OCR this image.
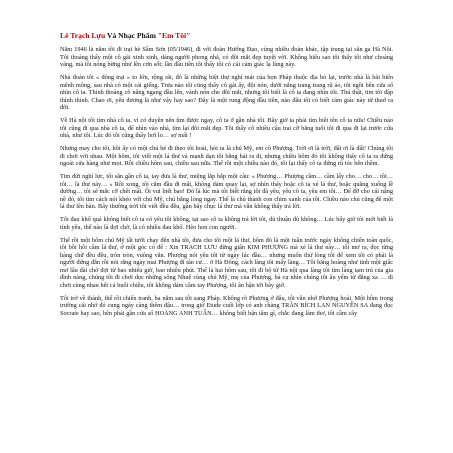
Lê Trạch Lựu Và Nhạc Phẩm "Em Tôi"

Năm 1946 là năm tôi đi trại hè Sầm Sơn (05/1946), đi với đoàn Hướng Đạo, cùng nhiều đoàn khác, tập trung tại sân ga Hà Nội. Tôi thoáng thấy một cô gái xinh xinh, dáng người phong nhã, có đôi mắt đẹp tuyệt vời. Không hiểu sao tôi thấy tôi như choáng váng, mà tôi nóng bừng như lên cơn sốt; lần đầu tiên tôi thấy tôi có cái cảm giác lạ lùng này.

Nhà đoàn tôi « đóng trại » to lớn, rộng rãi, đó là những biệt thự nghỉ mát của bọn Pháp thuộc địa bỏ lại, trước nhà là bãi biển mênh mông, sau nhà có một cái giếng. Trưa nào tôi cũng thấy cô gái ấy, đội nón, dưới nắng trang trang rũ áo, tôi ngồi bên cửa sổ nhìn cô ta. Thỉnh thoảng cô nâng ngang đầu lên, vành nón che đôi mắt, nhưng tôi biết là cô ta đang nhìn tôi. Thú thật, tim tôi đập thình thình. Chao ơi, yêu đương là như vậy hay sao? Đây là một rung động đầu tiên, nào đâu tôi có biết cảm giác này từ thuở ra đời.

Về Hà nội tôi tìm nhà cô ta, vì có duyên nên tìm được ngay, cô ta ở gần nhà tôi. Bây giờ ta phải tìm biết tên cô ta nữa! Chiều nào tôi cũng đi qua nhà cô ta, để nhìn vào nhà, tìm lại đôi mắt đẹp. Tôi thấy cô nhiều cậu trai cỡ bằng tuổi tôi đi qua đi lại trước cửa nhà, như tôi. Lúc đó tôi cũng thấy hơi lo… sợ mất !

Nhưng may cho tôi, hồi ấy có một chú bé đi theo tôi hoài, hỏi ra là chú Mỹ, em cô Phượng. Trời ơi là trời, đất ơi là đất! Chúng tôi đi chơi với nhau. Một hôm, tôi viết một lá thư và mạnh dạn tôi bằng hải ra đi, nhưng chiều hôm đó tôi không thấy cô ta ra đứng ngoài cửa hàng như mọi. Rồi chiều hôm sau, chiều sau nữa. Thế rồi một chiều nào đó, tôi lại thấy cô ta đứng rũ tóc bên thềm.

Tim đứt nghỉ lực, tôi săn gần cô ta, tay đưa lá thư, miệng lắp bắp một câu: « Phượng… Phượng cầm… cầm lấy cho… cho… tôi… tôi… là thư này… » Rồi xong, tôi cắm đầu đi mất, không dám quay lại, sợ nhìn thấy hoặc cô ta xé lá thư, hoặc quăng xuống lề đường… tôi sẽ mắc cỡ chết mất. Ôi vui biết bao! Đó là lúc mà tôi biết rằng tôi đã yêu, yêu cô ta, yêu em tôi… Để đỡ cho cái nặng nề đó, tôi tìm cách nói khéo với chú Mỹ, chú bằng lòng ngay. Thế là chú thành con chim xanh của tôi. Chiều nào chú cũng để một lá thư lên bàn. Bây thường trời tôi viết đều đều, gần bây chục lá thư mà vẫn không thấy trả lời.

Tôi đau khổ quá không biết cô ta có yêu tôi không, tại sao cô ta không trả lời tôi, dù thuận dù không… Lúc bấy giờ tôi mới biết là tình yêu, thế nào là đợi chờ, là có nhiều đau khổ. Hèo hon con người.

Thế rồi một hôm chú Mỹ tất tưởi chạy đến nhà tôi, đưa cho tôi một lá thư, hôm đó là một tuần trước ngày không chiến toàn quốc, tôi bồi hồi cầm lá thư, ở một góc có để : Xin TRẠCH LƯU đừng giận KIM PHƯỢNG mà xé lá thư này… tôi mơ ra, đọc từng hàng chữ đều đều, tròn tròn, vuông vắn. Phượng nói yêu tôi từ ngày lúc đầu… nhưng muốn thử lòng tôi để xem tôi có phải là người đứng đắn rồi nói rằng ngày mai Phượng đi tản cư… ở Hà Đông, cách làng tôi mấy làng… Tôi băng hoàng như tỉnh một giấc mơ lâu dài chờ đợi từ bao nhiêu giờ, bao nhiêu phút. Thế là hai hôm sau, tôi đi bộ từ Hà nội qua làng tôi tìm làng tạm trú của gia đình nàng, chúng tôi đi chơi dọc những sông Nhuệ cùng chú Mỹ, mẹ của Phượng, bà cụ nhìn chúng tôi âu yếm từ đằng xa … đi chơi cùng nhau hết cả buổi chiều, tôi không dám cầm tay Phượng, tôi ân hận tới bây giờ.

Tôi trở về thành, thế rồi chiến tranh, ba năm sau tôi sang Pháp. Không rõ Phượng ở đâu, tôi vẫn nhớ Phượng hoài. Một hôm trong trường cái nhớ đó cung ngày càng thêm đậu… trong giờ Etude cuối lớp có anh chàng TRẦN BÍCH LAN NGUYỄN SA đang đọc Socrate hay sao, bên phải gần cửa sổ HOÀNG ANH TUẤN… không biết bận tâm gì, chắc đang làm thơ, tôi cầm cây
